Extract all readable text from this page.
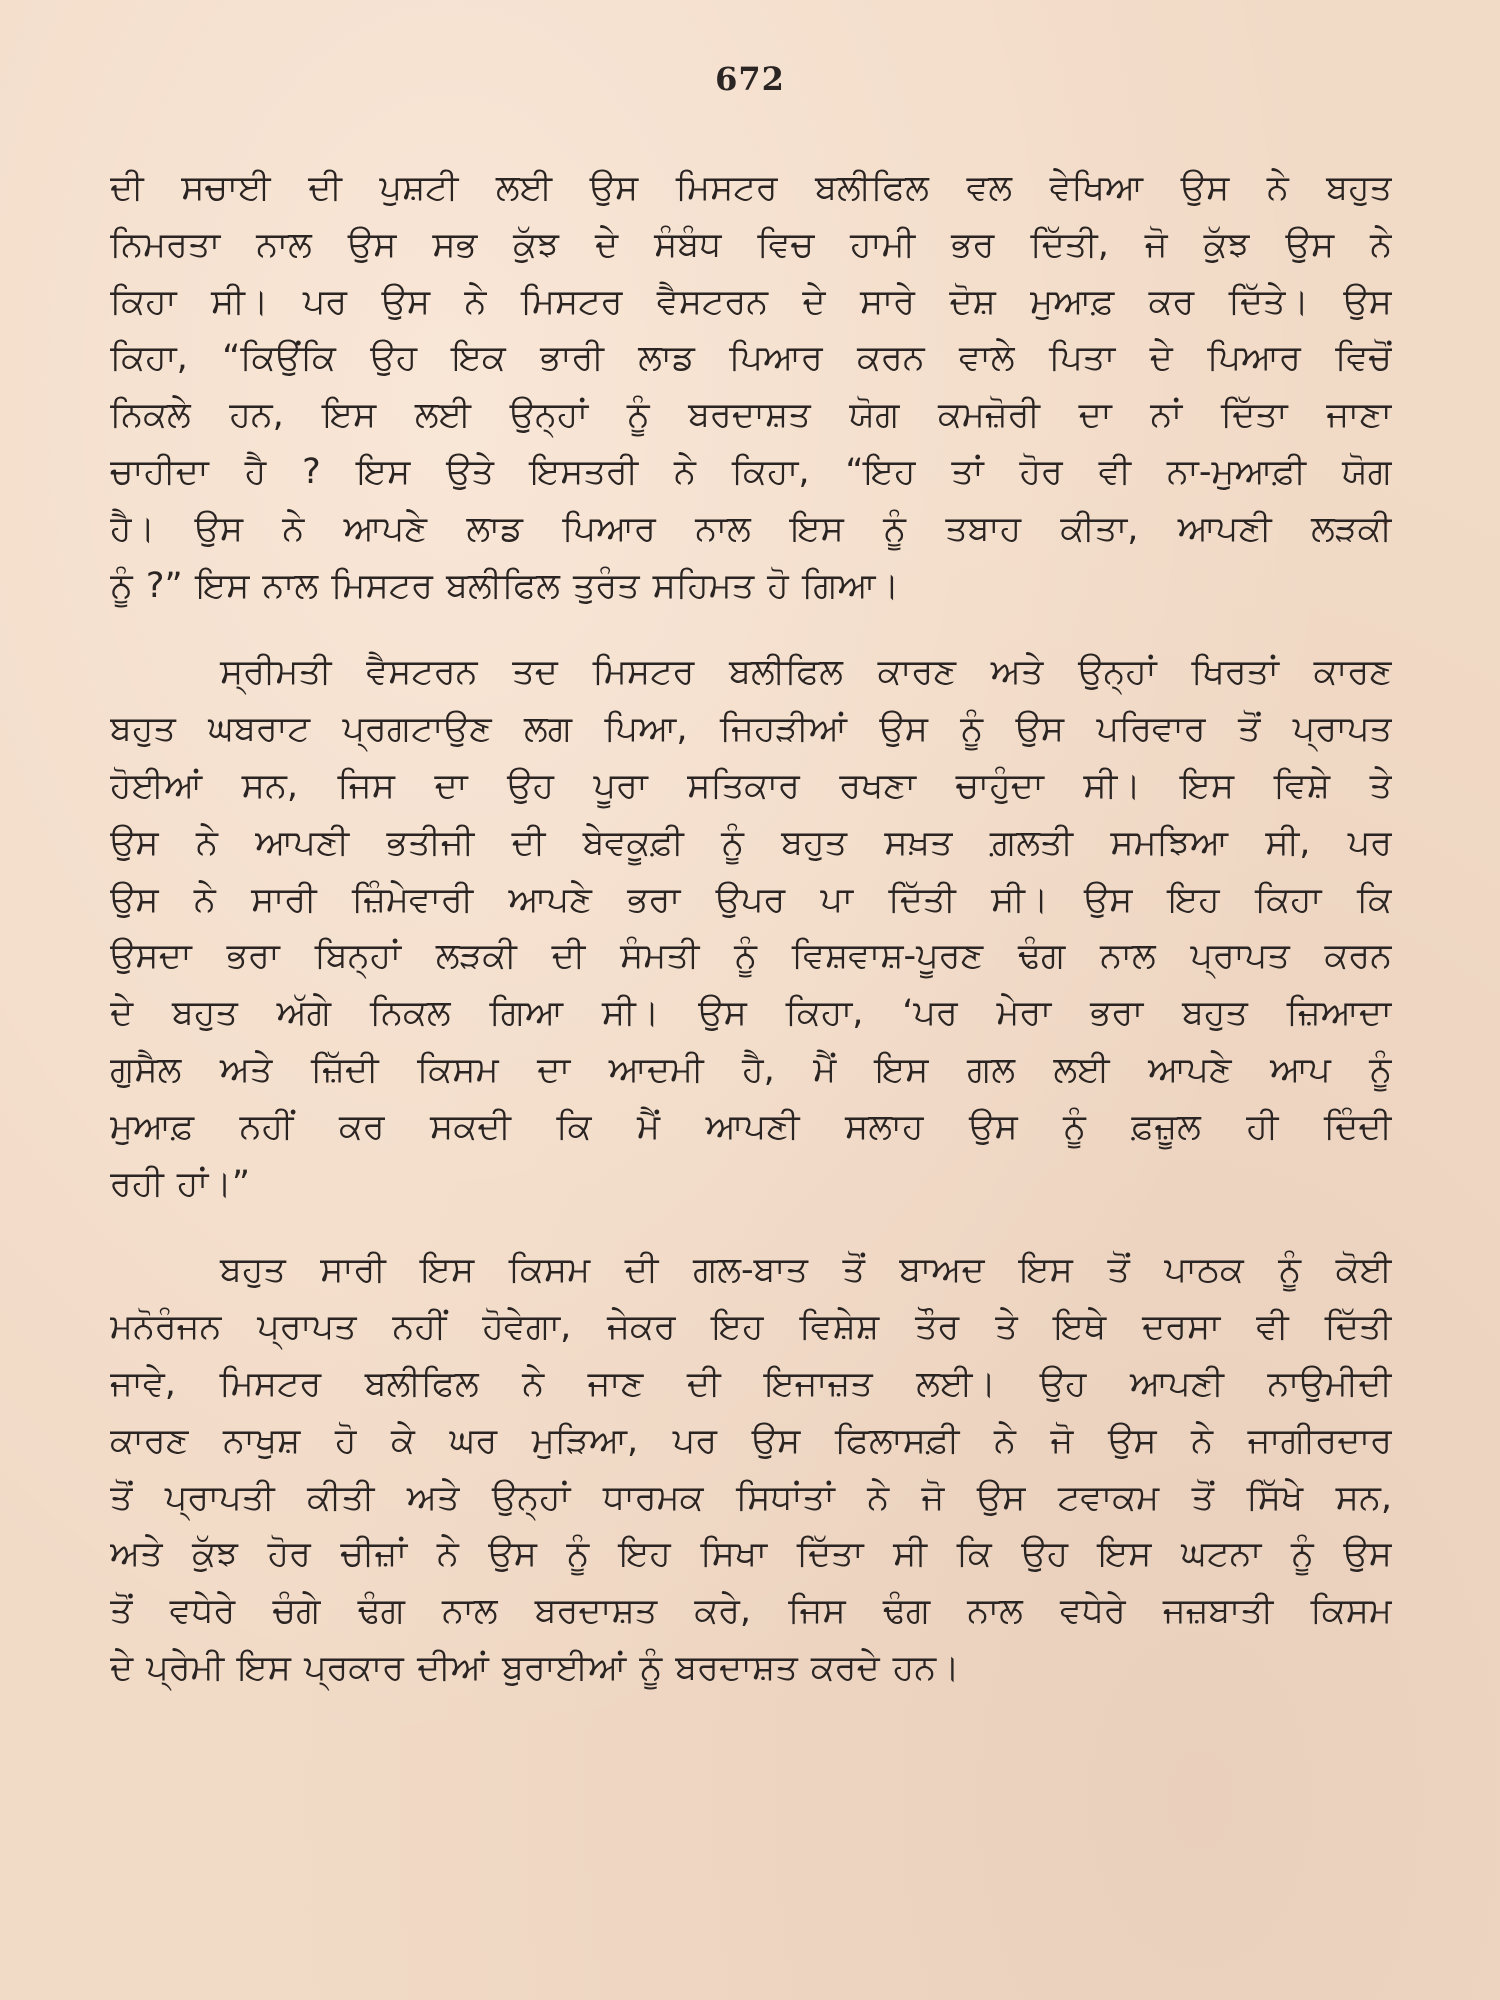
672
ਦੀ ਸਚਾਈ ਦੀ ਪੁਸ਼ਟੀ ਲਈ ਉਸ ਮਿਸਟਰ ਬਲੀਫਿਲ ਵਲ ਵੇਖਿਆ ਉਸ ਨੇ ਬਹੁਤ
ਨਿਮਰਤਾ ਨਾਲ ਉਸ ਸਭ ਕੁੱਝ ਦੇ ਸੰਬੰਧ ਵਿਚ ਹਾਮੀ ਭਰ ਦਿੱਤੀ, ਜੋ ਕੁੱਝ ਉਸ ਨੇ
ਕਿਹਾ ਸੀ। ਪਰ ਉਸ ਨੇ ਮਿਸਟਰ ਵੈਸਟਰਨ ਦੇ ਸਾਰੇ ਦੋਸ਼ ਮੁਆਫ਼ ਕਰ ਦਿੱਤੇ। ਉਸ
ਕਿਹਾ, “ਕਿਉਂਕਿ ਉਹ ਇਕ ਭਾਰੀ ਲਾਡ ਪਿਆਰ ਕਰਨ ਵਾਲੇ ਪਿਤਾ ਦੇ ਪਿਆਰ ਵਿਚੋਂ
ਨਿਕਲੇ ਹਨ, ਇਸ ਲਈ ਉਨ੍ਹਾਂ ਨੂੰ ਬਰਦਾਸ਼ਤ ਯੋਗ ਕਮਜ਼ੋਰੀ ਦਾ ਨਾਂ ਦਿੱਤਾ ਜਾਣਾ
ਚਾਹੀਦਾ ਹੈ ? ਇਸ ਉਤੇ ਇਸਤਰੀ ਨੇ ਕਿਹਾ, “ਇਹ ਤਾਂ ਹੋਰ ਵੀ ਨਾ-ਮੁਆਫ਼ੀ ਯੋਗ
ਹੈ। ਉਸ ਨੇ ਆਪਣੇ ਲਾਡ ਪਿਆਰ ਨਾਲ ਇਸ ਨੂੰ ਤਬਾਹ ਕੀਤਾ, ਆਪਣੀ ਲੜਕੀ
ਨੂੰ ?” ਇਸ ਨਾਲ ਮਿਸਟਰ ਬਲੀਫਿਲ ਤੁਰੰਤ ਸਹਿਮਤ ਹੋ ਗਿਆ।
ਸ੍ਰੀਮਤੀ ਵੈਸਟਰਨ ਤਦ ਮਿਸਟਰ ਬਲੀਫਿਲ ਕਾਰਣ ਅਤੇ ਉਨ੍ਹਾਂ ਖਿਰਤਾਂ ਕਾਰਣ
ਬਹੁਤ ਘਬਰਾਟ ਪ੍ਰਗਟਾਉਣ ਲਗ ਪਿਆ, ਜਿਹੜੀਆਂ ਉਸ ਨੂੰ ਉਸ ਪਰਿਵਾਰ ਤੋਂ ਪ੍ਰਾਪਤ
ਹੋਈਆਂ ਸਨ, ਜਿਸ ਦਾ ਉਹ ਪੂਰਾ ਸਤਿਕਾਰ ਰਖਣਾ ਚਾਹੁੰਦਾ ਸੀ। ਇਸ ਵਿਸ਼ੇ ਤੇ
ਉਸ ਨੇ ਆਪਣੀ ਭਤੀਜੀ ਦੀ ਬੇਵਕੂਫ਼ੀ ਨੂੰ ਬਹੁਤ ਸਖ਼ਤ ਗ਼ਲਤੀ ਸਮਝਿਆ ਸੀ, ਪਰ
ਉਸ ਨੇ ਸਾਰੀ ਜ਼ਿੰਮੇਵਾਰੀ ਆਪਣੇ ਭਰਾ ਉਪਰ ਪਾ ਦਿੱਤੀ ਸੀ। ਉਸ ਇਹ ਕਿਹਾ ਕਿ
ਉਸਦਾ ਭਰਾ ਬਿਨ੍ਹਾਂ ਲੜਕੀ ਦੀ ਸੰਮਤੀ ਨੂੰ ਵਿਸ਼ਵਾਸ਼-ਪੂਰਣ ਢੰਗ ਨਾਲ ਪ੍ਰਾਪਤ ਕਰਨ
ਦੇ ਬਹੁਤ ਅੱਗੇ ਨਿਕਲ ਗਿਆ ਸੀ। ਉਸ ਕਿਹਾ, ‘ਪਰ ਮੇਰਾ ਭਰਾ ਬਹੁਤ ਜ਼ਿਆਦਾ
ਗੁਸੈਲ ਅਤੇ ਜ਼ਿੱਦੀ ਕਿਸਮ ਦਾ ਆਦਮੀ ਹੈ, ਮੈਂ ਇਸ ਗਲ ਲਈ ਆਪਣੇ ਆਪ ਨੂੰ
ਮੁਆਫ਼ ਨਹੀਂ ਕਰ ਸਕਦੀ ਕਿ ਮੈਂ ਆਪਣੀ ਸਲਾਹ ਉਸ ਨੂੰ ਫ਼ਜ਼ੂਲ ਹੀ ਦਿੰਦੀ
ਰਹੀ ਹਾਂ।”
ਬਹੁਤ ਸਾਰੀ ਇਸ ਕਿਸਮ ਦੀ ਗਲ-ਬਾਤ ਤੋਂ ਬਾਅਦ ਇਸ ਤੋਂ ਪਾਠਕ ਨੂੰ ਕੋਈ
ਮਨੋਰੰਜਨ ਪ੍ਰਾਪਤ ਨਹੀਂ ਹੋਵੇਗਾ, ਜੇਕਰ ਇਹ ਵਿਸ਼ੇਸ਼ ਤੌਰ ਤੇ ਇਥੇ ਦਰਸਾ ਵੀ ਦਿੱਤੀ
ਜਾਵੇ, ਮਿਸਟਰ ਬਲੀਫਿਲ ਨੇ ਜਾਣ ਦੀ ਇਜਾਜ਼ਤ ਲਈ। ਉਹ ਆਪਣੀ ਨਾਉਮੀਦੀ
ਕਾਰਣ ਨਾਖੁਸ਼ ਹੋ ਕੇ ਘਰ ਮੁੜਿਆ, ਪਰ ਉਸ ਫਿਲਾਸਫ਼ੀ ਨੇ ਜੋ ਉਸ ਨੇ ਜਾਗੀਰਦਾਰ
ਤੋਂ ਪ੍ਰਾਪਤੀ ਕੀਤੀ ਅਤੇ ਉਨ੍ਹਾਂ ਧਾਰਮਕ ਸਿਧਾਂਤਾਂ ਨੇ ਜੋ ਉਸ ਟਵਾਕਮ ਤੋਂ ਸਿੱਖੇ ਸਨ,
ਅਤੇ ਕੁੱਝ ਹੋਰ ਚੀਜ਼ਾਂ ਨੇ ਉਸ ਨੂੰ ਇਹ ਸਿਖਾ ਦਿੱਤਾ ਸੀ ਕਿ ਉਹ ਇਸ ਘਟਨਾ ਨੂੰ ਉਸ
ਤੋਂ ਵਧੇਰੇ ਚੰਗੇ ਢੰਗ ਨਾਲ ਬਰਦਾਸ਼ਤ ਕਰੇ, ਜਿਸ ਢੰਗ ਨਾਲ ਵਧੇਰੇ ਜਜ਼ਬਾਤੀ ਕਿਸਮ
ਦੇ ਪ੍ਰੇਮੀ ਇਸ ਪ੍ਰਕਾਰ ਦੀਆਂ ਬੁਰਾਈਆਂ ਨੂੰ ਬਰਦਾਸ਼ਤ ਕਰਦੇ ਹਨ।
